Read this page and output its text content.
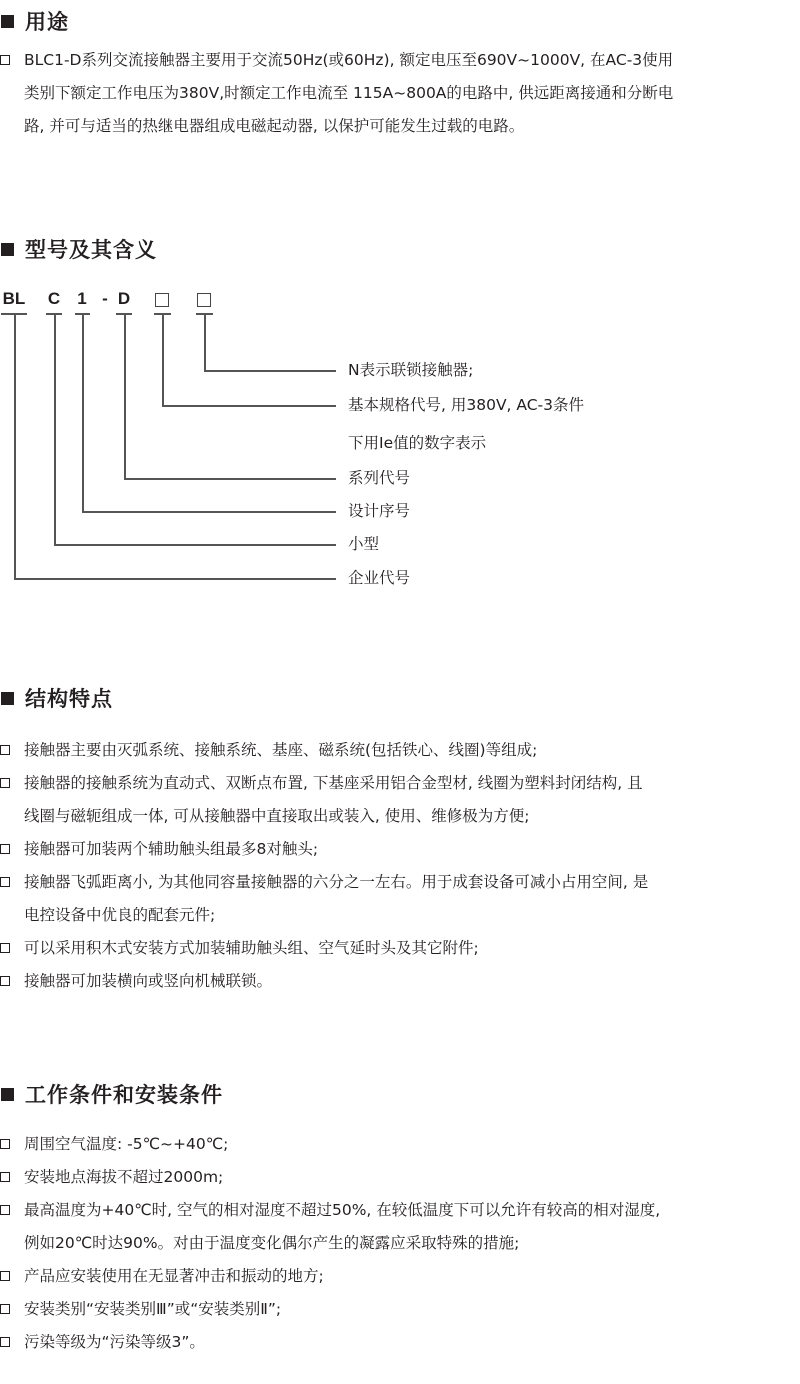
用途
BLC1-D系列交流接触器主要用于交流50Hz(或60Hz), 额定电压至690V~1000V, 在AC-3使用
类别下额定工作电压为380V,时额定工作电流至 115A~800A的电路中, 供远距离接通和分断电
路, 并可与适当的热继电器组成电磁起动器, 以保护可能发生过载的电路。
型号及其含义
BL C 1 - D
N表示联锁接触器;
基本规格代号, 用380V, AC-3条件
下用Ie值的数字表示
系列代号
设计序号
小型
企业代号
结构特点
接触器主要由灭弧系统、接触系统、基座、磁系统(包括铁心、线圈)等组成;
接触器的接触系统为直动式、双断点布置, 下基座采用铝合金型材, 线圈为塑料封闭结构, 且
线圈与磁轭组成一体, 可从接触器中直接取出或装入, 使用、维修极为方便;
接触器可加装两个辅助触头组最多8对触头;
接触器飞弧距离小, 为其他同容量接触器的六分之一左右。用于成套设备可减小占用空间, 是
电控设备中优良的配套元件;
可以采用积木式安装方式加装辅助触头组、空气延时头及其它附件;
接触器可加装横向或竖向机械联锁。
工作条件和安装条件
周围空气温度: -5℃~+40℃;
安装地点海拔不超过2000m;
最高温度为+40℃时, 空气的相对湿度不超过50%, 在较低温度下可以允许有较高的相对湿度,
例如20℃时达90%。对由于温度变化偶尔产生的凝露应采取特殊的措施;
产品应安装使用在无显著冲击和振动的地方;
安装类别“安装类别Ⅲ”或“安装类别Ⅱ”;
污染等级为“污染等级3”。
